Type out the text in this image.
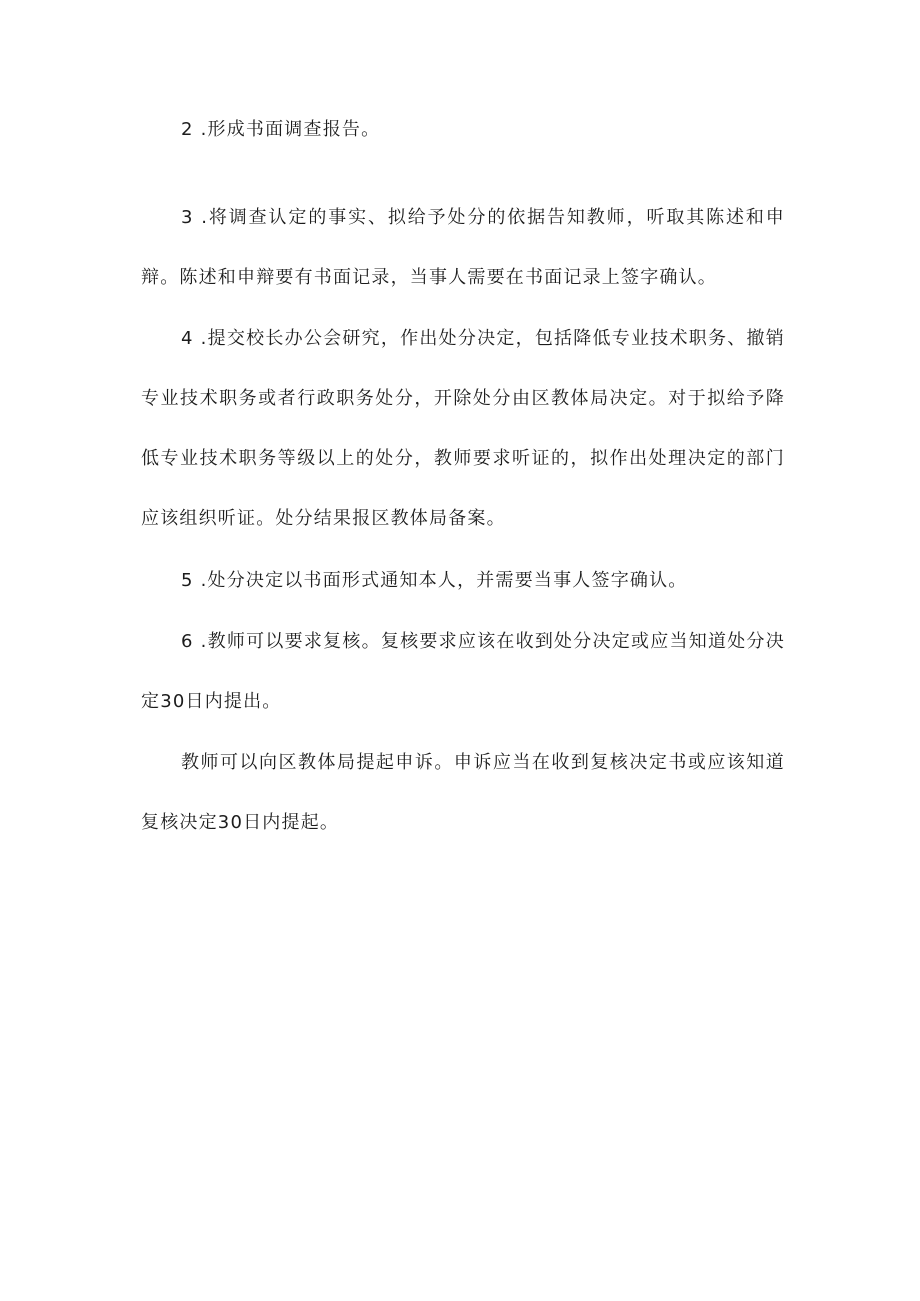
2 .形成书面调查报告。

3 .将调查认定的事实、拟给予处分的依据告知教师，听取其陈述和申辩。陈述和申辩要有书面记录，当事人需要在书面记录上签字确认。

4 .提交校长办公会研究，作出处分决定，包括降低专业技术职务、撤销专业技术职务或者行政职务处分，开除处分由区教体局决定。对于拟给予降低专业技术职务等级以上的处分，教师要求听证的，拟作出处理决定的部门应该组织听证。处分结果报区教体局备案。

5 .处分决定以书面形式通知本人，并需要当事人签字确认。

6 .教师可以要求复核。复核要求应该在收到处分决定或应当知道处分决定30日内提出。

教师可以向区教体局提起申诉。申诉应当在收到复核决定书或应该知道复核决定30日内提起。
